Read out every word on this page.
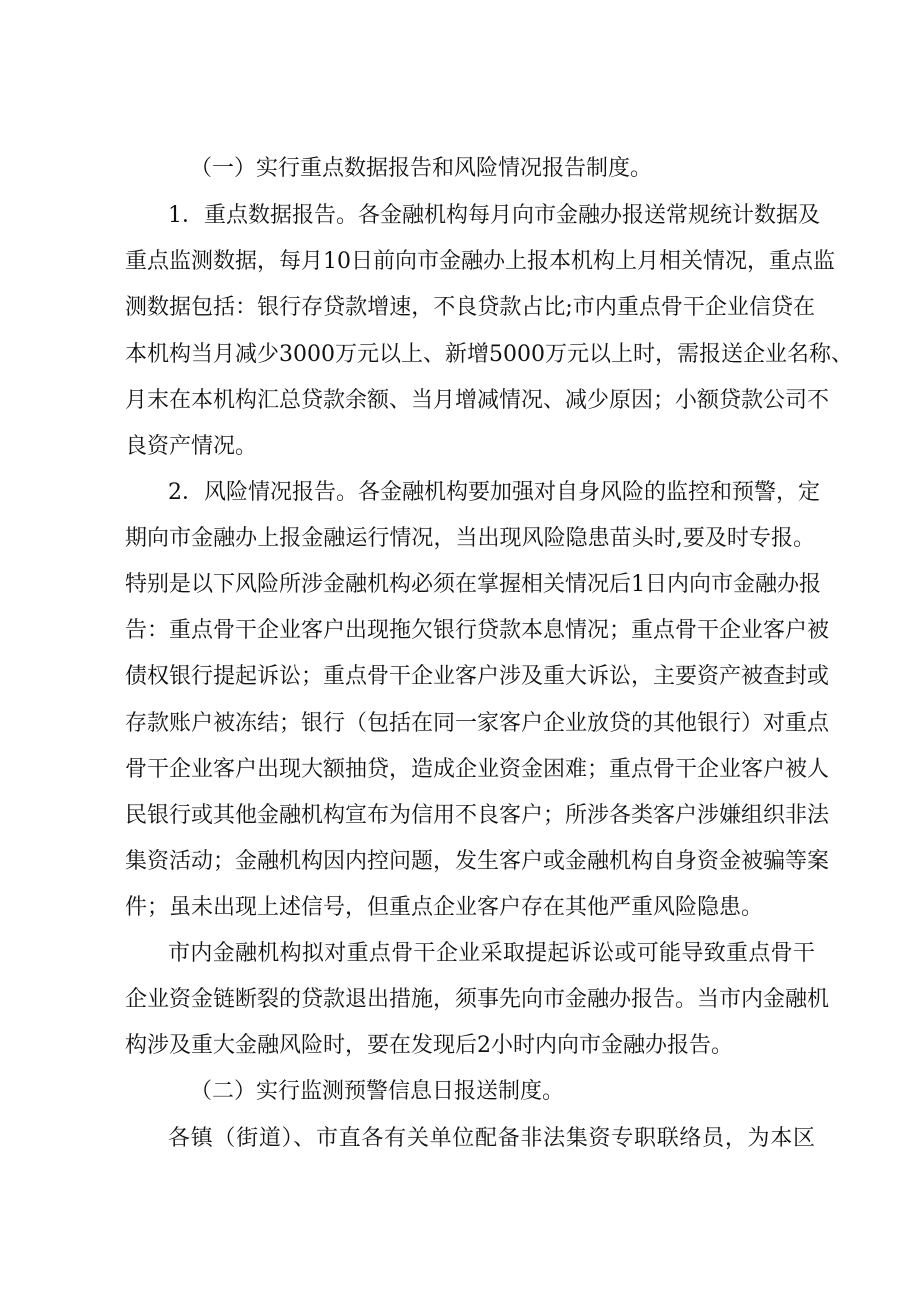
（一）实行重点数据报告和风险情况报告制度。
1．重点数据报告。各金融机构每月向市金融办报送常规统计数据及
重点监测数据，每月10日前向市金融办上报本机构上月相关情况，重点监
测数据包括：银行存贷款增速，不良贷款占比;市内重点骨干企业信贷在
本机构当月减少3000万元以上、新增5000万元以上时，需报送企业名称、
月末在本机构汇总贷款余额、当月增减情况、减少原因；小额贷款公司不
良资产情况。
2．风险情况报告。各金融机构要加强对自身风险的监控和预警，定
期向市金融办上报金融运行情况，当出现风险隐患苗头时,要及时专报。
特别是以下风险所涉金融机构必须在掌握相关情况后1日内向市金融办报
告：重点骨干企业客户出现拖欠银行贷款本息情况；重点骨干企业客户被
债权银行提起诉讼；重点骨干企业客户涉及重大诉讼，主要资产被查封或
存款账户被冻结；银行（包括在同一家客户企业放贷的其他银行）对重点
骨干企业客户出现大额抽贷，造成企业资金困难；重点骨干企业客户被人
民银行或其他金融机构宣布为信用不良客户；所涉各类客户涉嫌组织非法
集资活动；金融机构因内控问题，发生客户或金融机构自身资金被骗等案
件；虽未出现上述信号，但重点企业客户存在其他严重风险隐患。
市内金融机构拟对重点骨干企业采取提起诉讼或可能导致重点骨干
企业资金链断裂的贷款退出措施，须事先向市金融办报告。当市内金融机
构涉及重大金融风险时，要在发现后2小时内向市金融办报告。
（二）实行监测预警信息日报送制度。
各镇（街道）、市直各有关单位配备非法集资专职联络员，为本区
